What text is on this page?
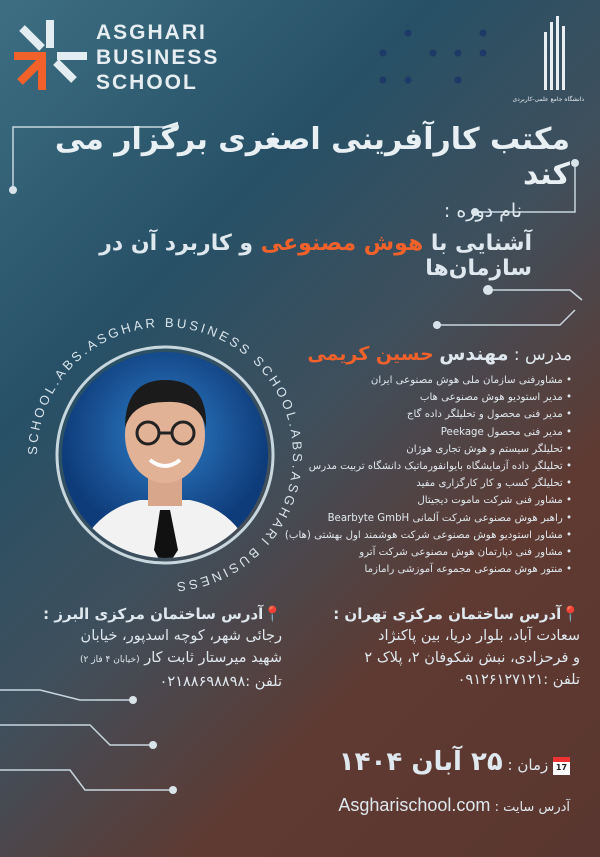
ASGHARI
BUSINESS
SCHOOL
دانشگاه جامع علمی-کاربردی
مکتب کارآفرینی اصغری برگزار می کند
نام دوره :
آشنایی با هوش مصنوعی و کاربرد آن در سازمان‌ها
SCHOOL.ABS.ASGHAR BUSINESS SCHOOL.ABS.ASGHARI BUSINESS
مدرس : مهندس حسین کریمی
• مشاورفنی سازمان ملی هوش مصنوعی ایران
• مدیر استودیو هوش مصنوعی هاب
• مدیر فنی محصول و تحلیلگر داده گاج
• مدیر فنی محصول Peekage
• تحلیلگر سیستم و هوش تجاری هوژان
• تحلیلگر داده آزمایشگاه بایوانفورماتیک دانشگاه تربیت مدرس
• تحلیلگر کسب و کار کارگزاری مفید
• مشاور فنی شرکت ماموت دیجیتال
• راهبر هوش مصنوعی شرکت آلمانی Bearbyte GmbH
• مشاور استودیو هوش مصنوعی شرکت هوشمند اول بهشتی (هاب)
• مشاور فنی دپارتمان هوش مصنوعی شرکت آترو
• منتور هوش مصنوعی مجموعه آموزشی رامازما
📍آدرس ساختمان مرکزی تهران :
سعادت آباد، بلوار دریا، بین پاکنژاد
و فرحزادی، نبش شکوفان ۲، پلاک ۲
تلفن :۰۹۱۲۶۱۲۷۱۲۱
📍آدرس ساختمان مرکزی البرز :
رجائی شهر، کوچه اسدپور، خیابان
شهید میرستار ثابت کار (خیابان ۴ فاز ۲)
تلفن :۰۲۱۸۸۶۹۸۸۹۸
17 زمان : ۲۵ آبان ۱۴۰۴
آدرس سایت : Asgharischool.com
